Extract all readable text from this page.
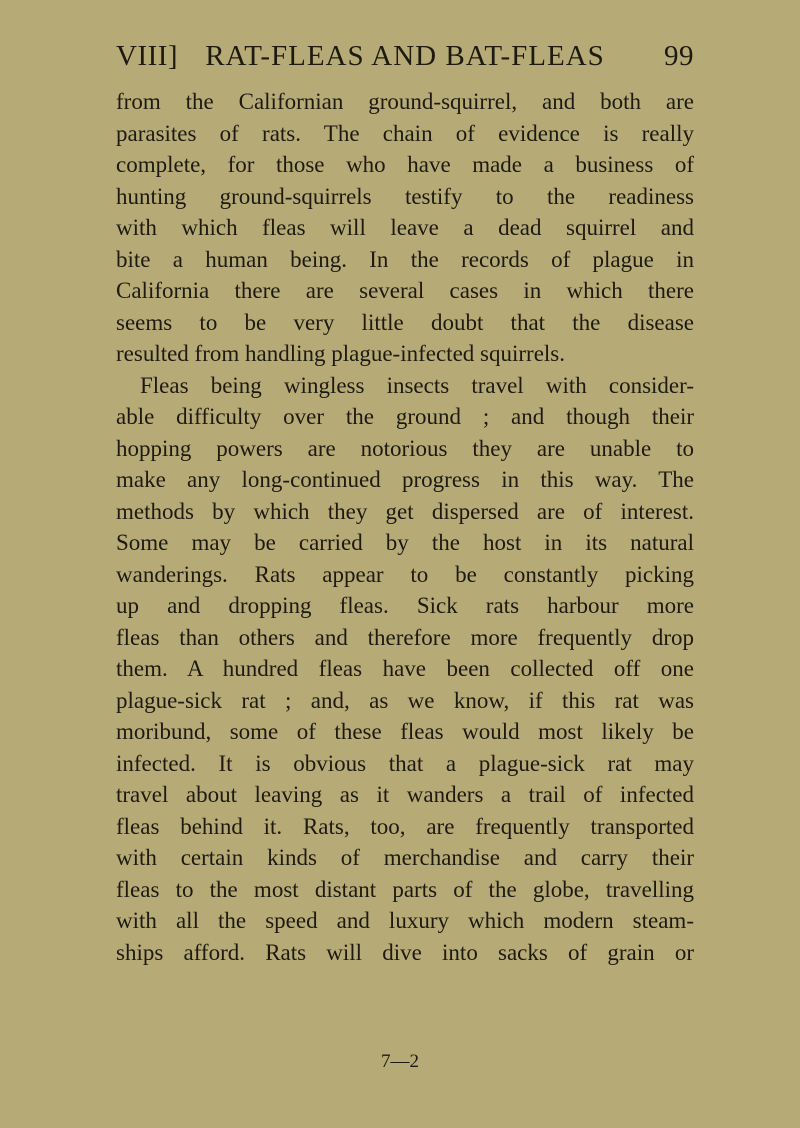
VIII] RAT-FLEAS AND BAT-FLEAS	99
from the Californian ground-squirrel, and both are
parasites of rats. The chain of evidence is really
complete, for those who have made a business of
hunting ground-squirrels testify to the readiness
with which fleas will leave a dead squirrel and
bite a human being. In the records of plague in
California there are several cases in which there
seems to be very little doubt that the disease
resulted from handling plague-infected squirrels.
Fleas being wingless insects travel with consider-
able difficulty over the ground ; and though their
hopping powers are notorious they are unable to
make any long-continued progress in this way. The
methods by which they get dispersed are of interest.
Some may be carried by the host in its natural
wanderings. Rats appear to be constantly picking
up and dropping fleas. Sick rats harbour more
fleas than others and therefore more frequently drop
them. A hundred fleas have been collected off one
plague-sick rat ; and, as we know, if this rat was
moribund, some of these fleas would most likely be
infected. It is obvious that a plague-sick rat may
travel about leaving as it wanders a trail of infected
fleas behind it. Rats, too, are frequently transported
with certain kinds of merchandise and carry their
fleas to the most distant parts of the globe, travelling
with all the speed and luxury which modern steam-
ships afford. Rats will dive into sacks of grain or
7—2
